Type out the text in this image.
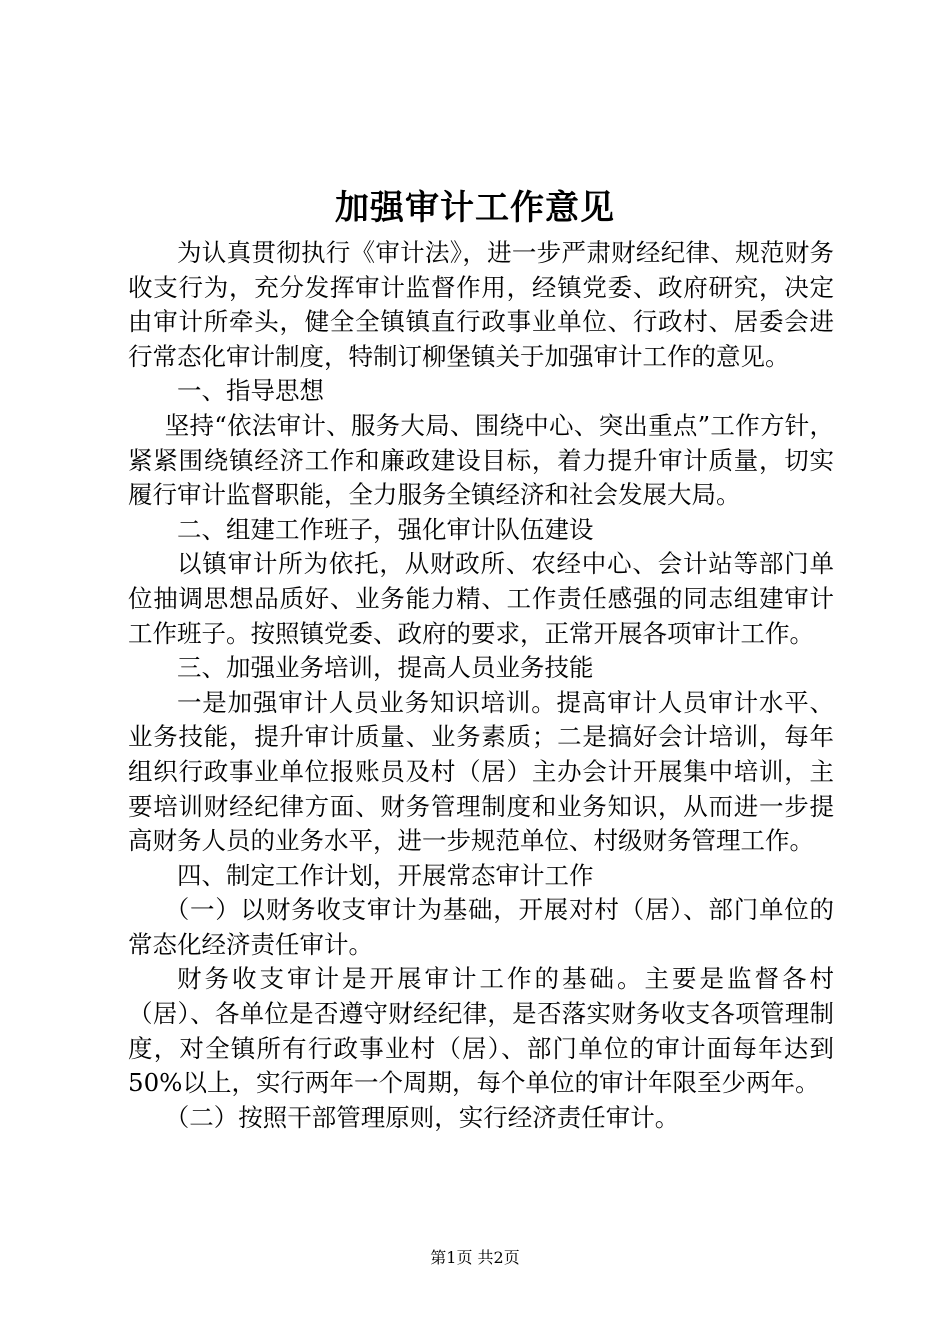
加强审计工作意见

为认真贯彻执行《审计法》，进一步严肃财经纪律、规范财务收支行为，充分发挥审计监督作用，经镇党委、政府研究，决定由审计所牵头，健全全镇镇直行政事业单位、行政村、居委会进行常态化审计制度，特制订柳堡镇关于加强审计工作的意见。

一、指导思想

坚持“依法审计、服务大局、围绕中心、突出重点”工作方针，紧紧围绕镇经济工作和廉政建设目标，着力提升审计质量，切实履行审计监督职能，全力服务全镇经济和社会发展大局。

二、组建工作班子，强化审计队伍建设

以镇审计所为依托，从财政所、农经中心、会计站等部门单位抽调思想品质好、业务能力精、工作责任感强的同志组建审计工作班子。按照镇党委、政府的要求，正常开展各项审计工作。

三、加强业务培训，提高人员业务技能

一是加强审计人员业务知识培训。提高审计人员审计水平、业务技能，提升审计质量、业务素质；二是搞好会计培训，每年组织行政事业单位报账员及村（居）主办会计开展集中培训，主要培训财经纪律方面、财务管理制度和业务知识，从而进一步提高财务人员的业务水平，进一步规范单位、村级财务管理工作。

四、制定工作计划，开展常态审计工作

（一）以财务收支审计为基础，开展对村（居）、部门单位的常态化经济责任审计。

财务收支审计是开展审计工作的基础。主要是监督各村（居）、各单位是否遵守财经纪律，是否落实财务收支各项管理制度，对全镇所有行政事业村（居）、部门单位的审计面每年达到50%以上，实行两年一个周期，每个单位的审计年限至少两年。

（二）按照干部管理原则，实行经济责任审计。

第1页 共2页
